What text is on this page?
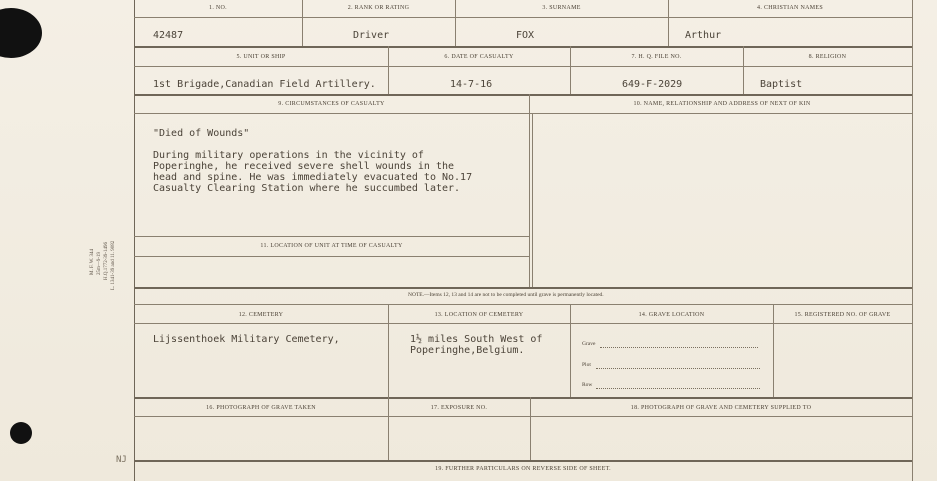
M. F. W. 344 25m—9-19 H.Q.1772-39-1496 L. 1341-39 and 11. 9082
NJ
1. NO.	2. RANK OR RATING	3. SURNAME	4. CHRISTIAN NAMES
42487	Driver	FOX	Arthur
5. UNIT OR SHIP	6. DATE OF CASUALTY	7. H. Q. FILE NO.	8. RELIGION
1st Brigade,Canadian Field Artillery.	14-7-16	649-F-2029	Baptist
9. CIRCUMSTANCES OF CASUALTY	10. NAME, RELATIONSHIP AND ADDRESS OF NEXT OF KIN
"Died of Wounds"
During military operations in the vicinity of
Poperinghe, he received severe shell wounds in the
head and spine. He was immediately evacuated to No.17
Casualty Clearing Station where he succumbed later.
11. LOCATION OF UNIT AT TIME OF CASUALTY
NOTE.—Items 12, 13 and 14 are not to be completed until grave is permanently located.
12. CEMETERY	13. LOCATION OF CEMETERY	14. GRAVE LOCATION	15. REGISTERED NO. OF GRAVE
Lijssenthoek Military Cemetery,	1½ miles South West of
Poperinghe,Belgium.
Grave
Plot
Row
16. PHOTOGRAPH OF GRAVE TAKEN	17. EXPOSURE NO.	18. PHOTOGRAPH OF GRAVE AND CEMETERY SUPPLIED TO
19. FURTHER PARTICULARS ON REVERSE SIDE OF SHEET.
